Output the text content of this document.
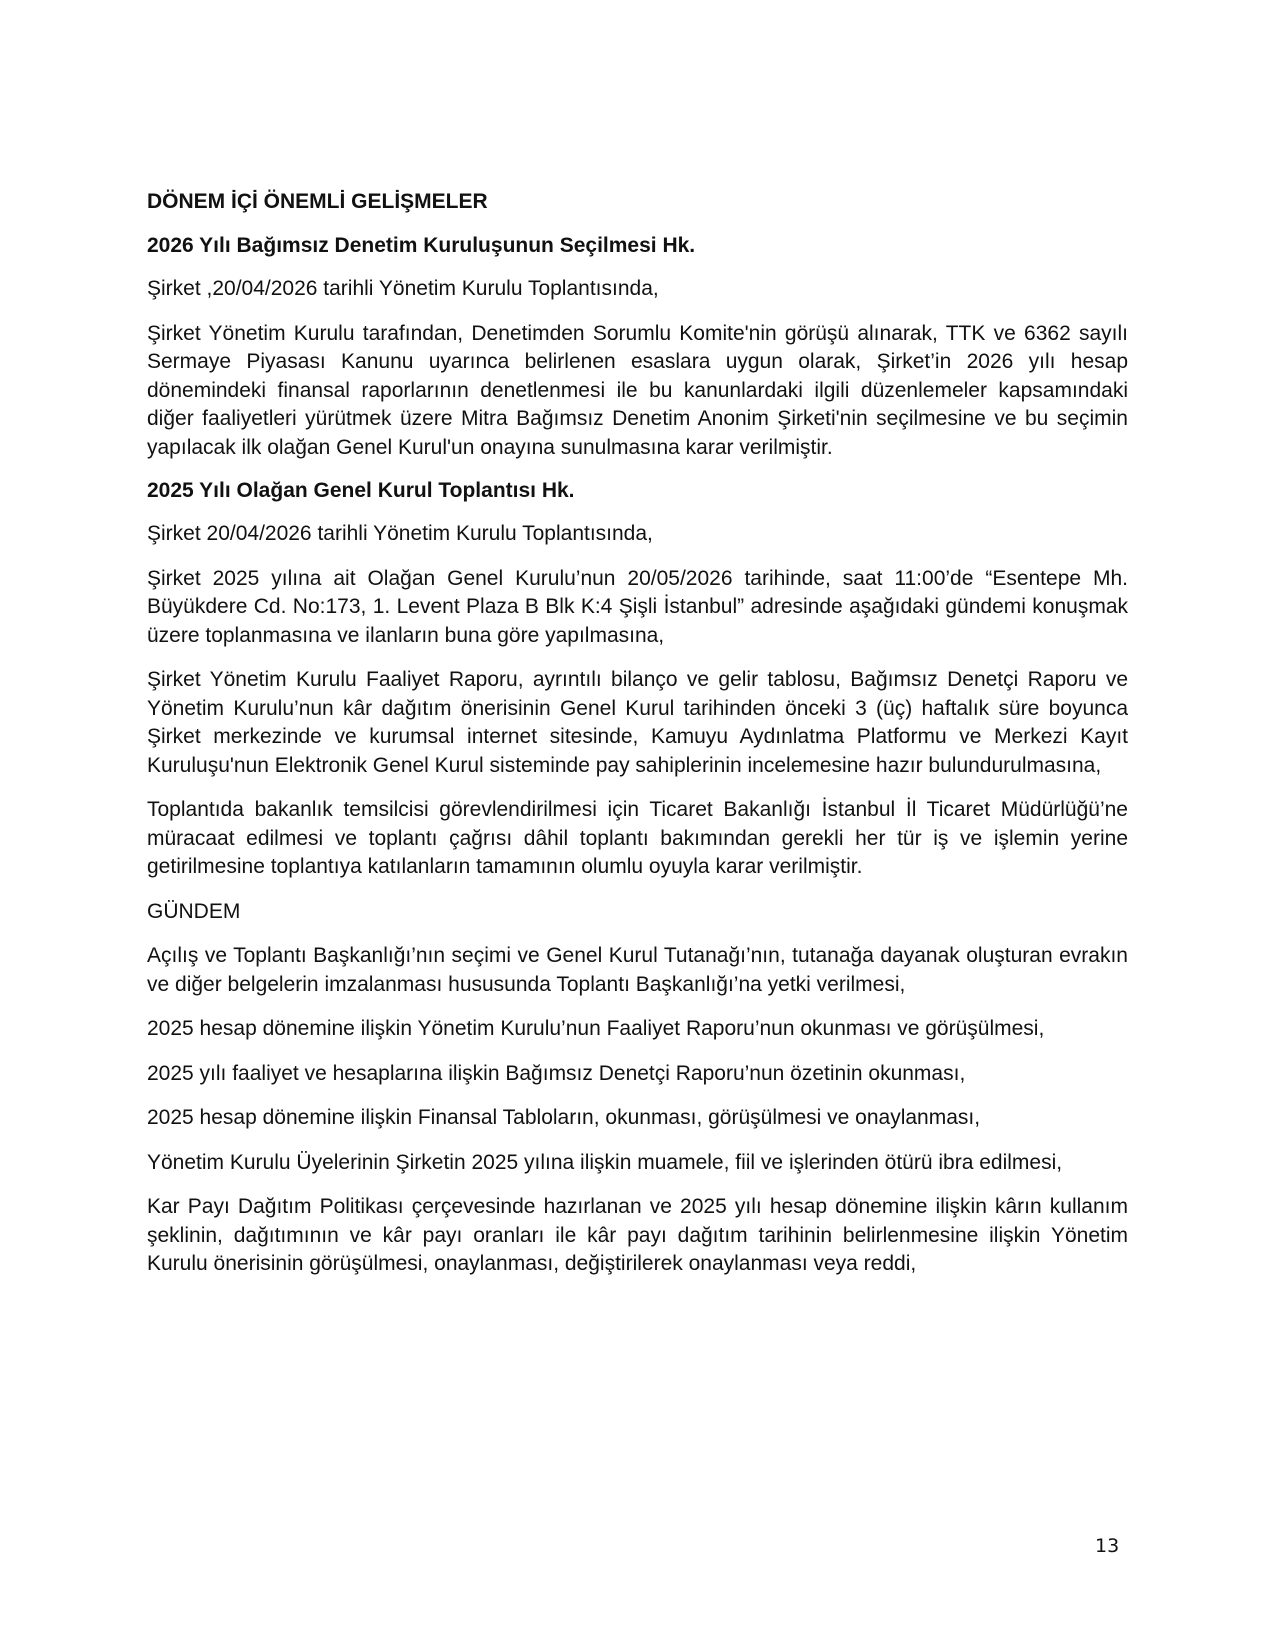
DÖNEM İÇİ ÖNEMLİ GELİŞMELER
2026 Yılı Bağımsız Denetim Kuruluşunun Seçilmesi Hk.

Şirket ,20/04/2026 tarihli Yönetim Kurulu Toplantısında,

Şirket Yönetim Kurulu tarafından, Denetimden Sorumlu Komite'nin görüşü alınarak, TTK ve 6362 sayılı Sermaye Piyasası Kanunu uyarınca belirlenen esaslara uygun olarak, Şirket’in 2026 yılı hesap dönemindeki finansal raporlarının denetlenmesi ile bu kanunlardaki ilgili düzenlemeler kapsamındaki diğer faaliyetleri yürütmek üzere Mitra Bağımsız Denetim Anonim Şirketi'nin seçilmesine ve bu seçimin yapılacak ilk olağan Genel Kurul'un onayına sunulmasına karar verilmiştir.

2025 Yılı Olağan Genel Kurul Toplantısı Hk.

Şirket 20/04/2026 tarihli Yönetim Kurulu Toplantısında,

Şirket 2025 yılına ait Olağan Genel Kurulu’nun 20/05/2026 tarihinde, saat 11:00’de “Esentepe Mh. Büyükdere Cd. No:173, 1. Levent Plaza B Blk K:4 Şişli İstanbul” adresinde aşağıdaki gündemi konuşmak üzere toplanmasına ve ilanların buna göre yapılmasına,

Şirket Yönetim Kurulu Faaliyet Raporu, ayrıntılı bilanço ve gelir tablosu, Bağımsız Denetçi Raporu ve Yönetim Kurulu’nun kâr dağıtım önerisinin Genel Kurul tarihinden önceki 3 (üç) haftalık süre boyunca Şirket merkezinde ve kurumsal internet sitesinde, Kamuyu Aydınlatma Platformu ve Merkezi Kayıt Kuruluşu'nun Elektronik Genel Kurul sisteminde pay sahiplerinin incelemesine hazır bulundurulmasına,

Toplantıda bakanlık temsilcisi görevlendirilmesi için Ticaret Bakanlığı İstanbul İl Ticaret Müdürlüğü’ne müracaat edilmesi ve toplantı çağrısı dâhil toplantı bakımından gerekli her tür iş ve işlemin yerine getirilmesine toplantıya katılanların tamamının olumlu oyuyla karar verilmiştir.

GÜNDEM

Açılış ve Toplantı Başkanlığı’nın seçimi ve Genel Kurul Tutanağı’nın, tutanağa dayanak oluşturan evrakın ve diğer belgelerin imzalanması hususunda Toplantı Başkanlığı’na yetki verilmesi,

2025 hesap dönemine ilişkin Yönetim Kurulu’nun Faaliyet Raporu’nun okunması ve görüşülmesi,

2025 yılı faaliyet ve hesaplarına ilişkin Bağımsız Denetçi Raporu’nun özetinin okunması,

2025 hesap dönemine ilişkin Finansal Tabloların, okunması, görüşülmesi ve onaylanması,

Yönetim Kurulu Üyelerinin Şirketin 2025 yılına ilişkin muamele, fiil ve işlerinden ötürü ibra edilmesi,

Kar Payı Dağıtım Politikası çerçevesinde hazırlanan ve 2025 yılı hesap dönemine ilişkin kârın kullanım şeklinin, dağıtımının ve kâr payı oranları ile kâr payı dağıtım tarihinin belirlenmesine ilişkin Yönetim Kurulu önerisinin görüşülmesi, onaylanması, değiştirilerek onaylanması veya reddi,

13
